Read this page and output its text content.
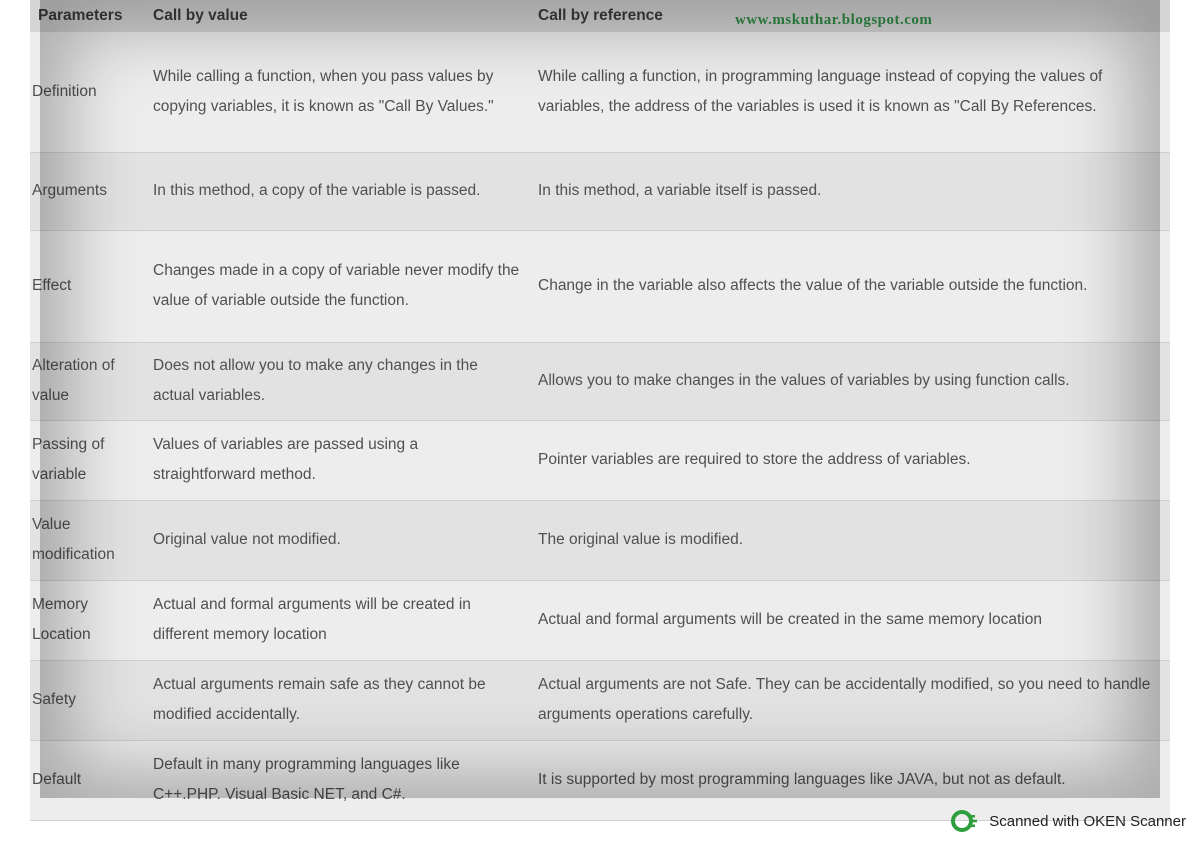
Parameters	Call by value	Call by reference www.mskuthar.blogspot.com

Definition	While calling a function, when you pass values by copying variables, it is known as "Call By Values."	While calling a function, in programming language instead of copying the values of variables, the address of the variables is used it is known as "Call By References.
Arguments	In this method, a copy of the variable is passed.	In this method, a variable itself is passed.
Effect	Changes made in a copy of variable never modify the value of variable outside the function.	Change in the variable also affects the value of the variable outside the function.
Alteration of value	Does not allow you to make any changes in the actual variables.	Allows you to make changes in the values of variables by using function calls.
Passing of variable	Values of variables are passed using a straightforward method.	Pointer variables are required to store the address of variables.
Value modification	Original value not modified.	The original value is modified.
Memory Location	Actual and formal arguments will be created in different memory location	Actual and formal arguments will be created in the same memory location
Safety	Actual arguments remain safe as they cannot be modified accidentally.	Actual arguments are not Safe. They can be accidentally modified, so you need to handle arguments operations carefully.
Default	Default in many programming languages like C++.PHP. Visual Basic NET, and C#.	It is supported by most programming languages like JAVA, but not as default.
Scanned with OKEN Scanner
